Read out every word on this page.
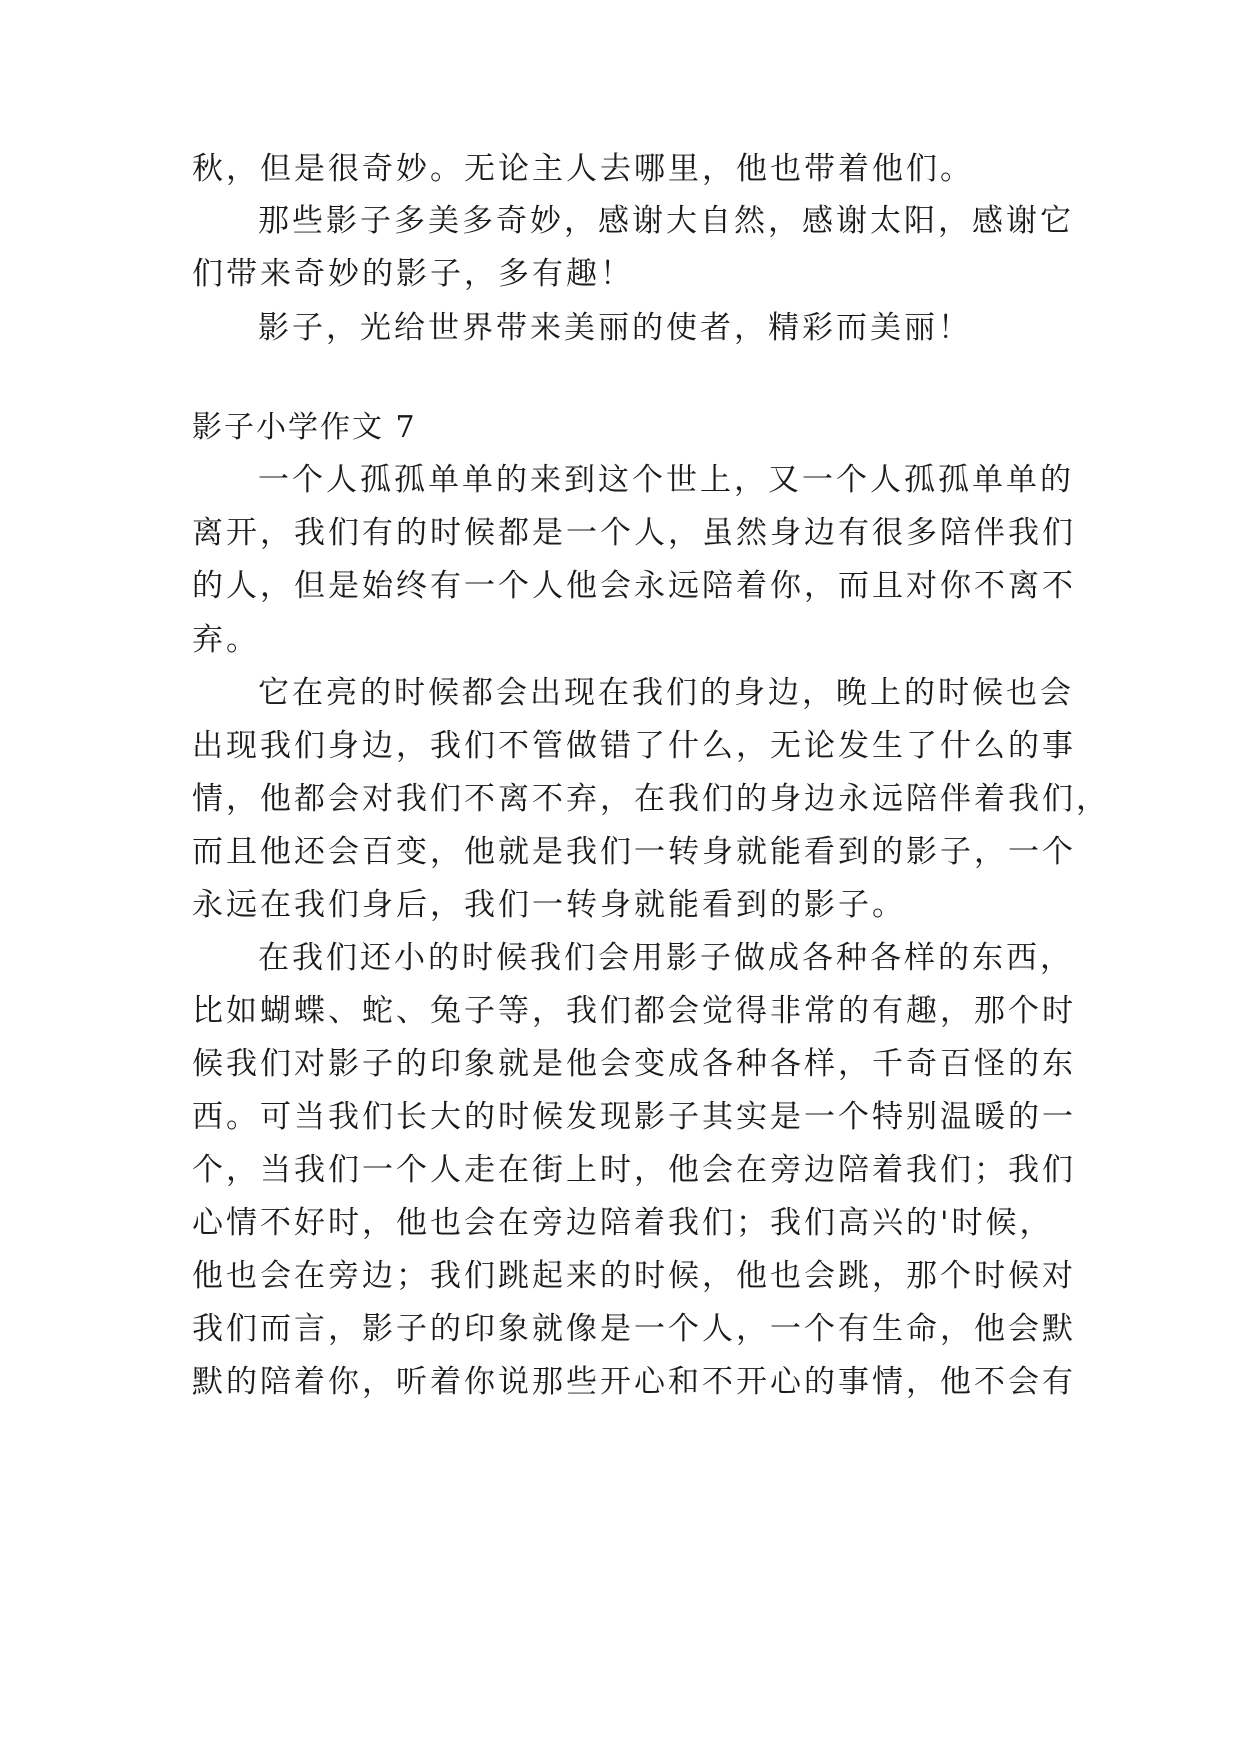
秋，但是很奇妙。无论主人去哪里，他也带着他们。
那些影子多美多奇妙，感谢大自然，感谢太阳，感谢它
们带来奇妙的影子，多有趣！
影子，光给世界带来美丽的使者，精彩而美丽！
影子小学作文 7
一个人孤孤单单的来到这个世上，又一个人孤孤单单的
离开，我们有的时候都是一个人，虽然身边有很多陪伴我们
的人，但是始终有一个人他会永远陪着你，而且对你不离不
弃。
它在亮的时候都会出现在我们的身边，晚上的时候也会
出现我们身边，我们不管做错了什么，无论发生了什么的事
情，他都会对我们不离不弃，在我们的身边永远陪伴着我们，
而且他还会百变，他就是我们一转身就能看到的影子，一个
永远在我们身后，我们一转身就能看到的影子。
在我们还小的时候我们会用影子做成各种各样的东西，
比如蝴蝶、蛇、兔子等，我们都会觉得非常的有趣，那个时
候我们对影子的印象就是他会变成各种各样，千奇百怪的东
西。可当我们长大的时候发现影子其实是一个特别温暖的一
个，当我们一个人走在街上时，他会在旁边陪着我们；我们
心情不好时，他也会在旁边陪着我们；我们高兴的'时候，
他也会在旁边；我们跳起来的时候，他也会跳，那个时候对
我们而言，影子的印象就像是一个人，一个有生命，他会默
默的陪着你，听着你说那些开心和不开心的事情，他不会有
